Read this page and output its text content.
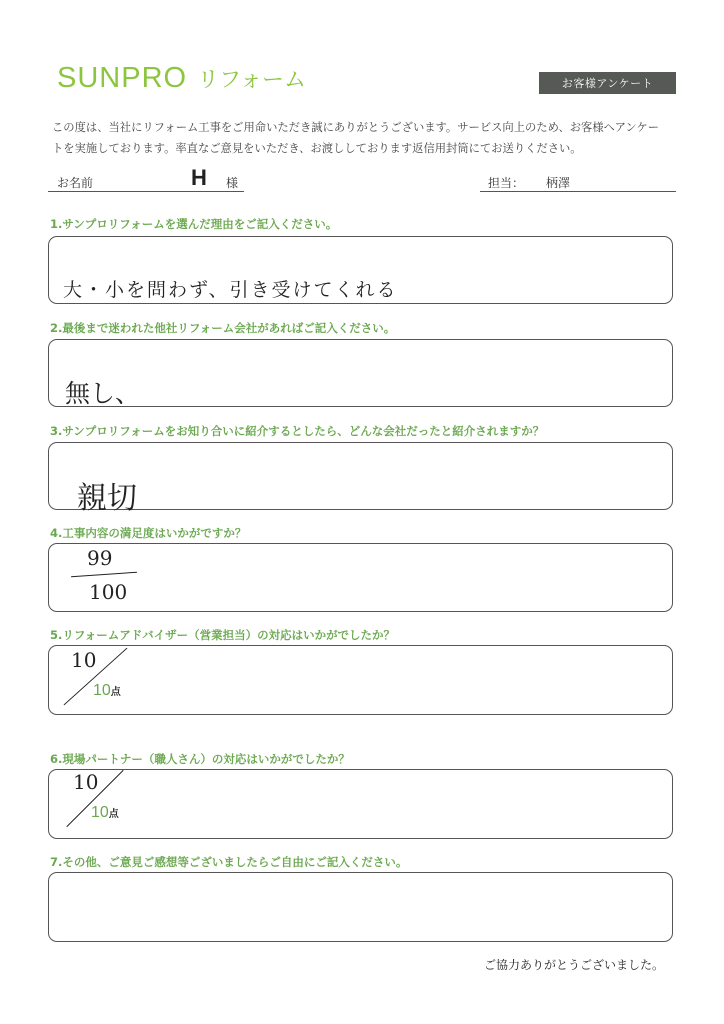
SUNPRO リフォーム	お客様アンケート
この度は、当社にリフォーム工事をご用命いただき誠にありがとうございます。サービス向上のため、お客様へアンケー
トを実施しております。率直なご意見をいただき、お渡ししております返信用封筒にてお送りください。
お名前	H 様	担当： 柄澤
1.サンプロリフォームを選んだ理由をご記入ください。
大・小を問わず、引き受けてくれる
2.最後まで迷われた他社リフォーム会社があればご記入ください。
無し、
3.サンプロリフォームをお知り合いに紹介するとしたら、どんな会社だったと紹介されますか？
親切
4.工事内容の満足度はいかがですか？
99
100
5.リフォームアドバイザー（営業担当）の対応はいかがでしたか？
10
10点
6.現場パートナー（職人さん）の対応はいかがでしたか？
10
10点
7.その他、ご意見ご感想等ございましたらご自由にご記入ください。
ご協力ありがとうございました。
